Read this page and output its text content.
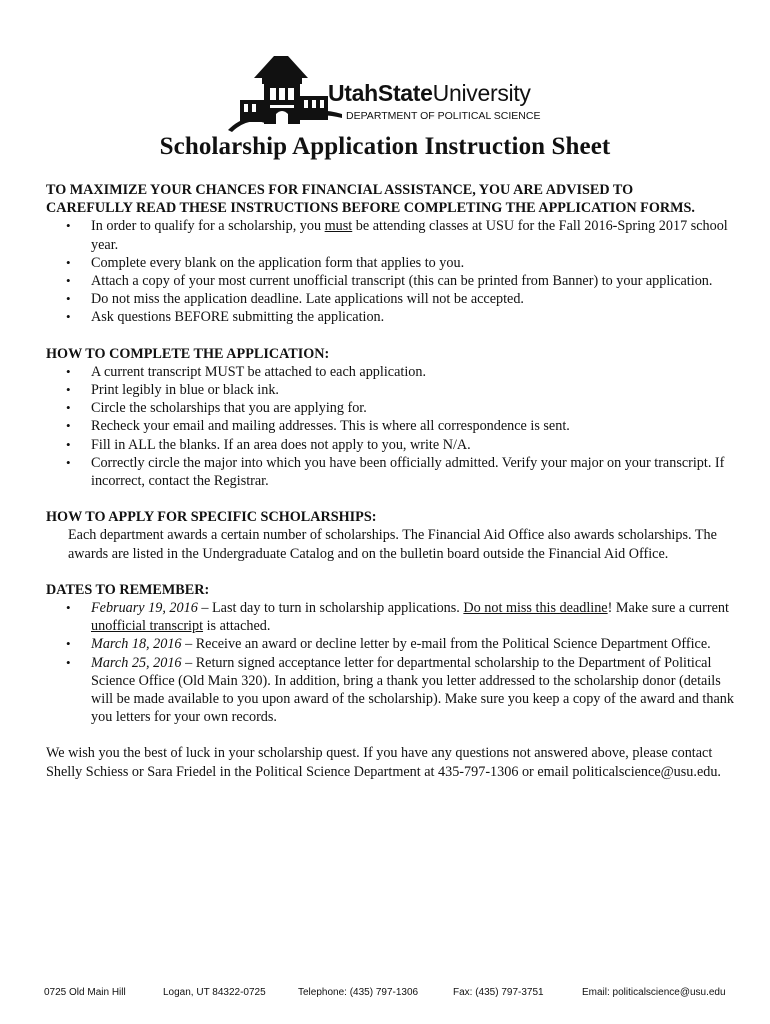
UtahStateUniversity
DEPARTMENT OF POLITICAL SCIENCE
Scholarship Application Instruction Sheet

TO MAXIMIZE YOUR CHANCES FOR FINANCIAL ASSISTANCE, YOU ARE ADVISED TO
CAREFULLY READ THESE INSTRUCTIONS BEFORE COMPLETING THE APPLICATION FORMS.

• In order to qualify for a scholarship, you must be attending classes at USU for the Fall 2016-Spring 2017 school year.
• Complete every blank on the application form that applies to you.
• Attach a copy of your most current unofficial transcript (this can be printed from Banner) to your application.
• Do not miss the application deadline. Late applications will not be accepted.
• Ask questions BEFORE submitting the application.
HOW TO COMPLETE THE APPLICATION:
• A current transcript MUST be attached to each application.
• Print legibly in blue or black ink.
• Circle the scholarships that you are applying for.
• Recheck your email and mailing addresses. This is where all correspondence is sent.
• Fill in ALL the blanks. If an area does not apply to you, write N/A.
• Correctly circle the major into which you have been officially admitted. Verify your major on your transcript. If incorrect, contact the Registrar.
HOW TO APPLY FOR SPECIFIC SCHOLARSHIPS:

Each department awards a certain number of scholarships. The Financial Aid Office also awards scholarships. The awards are listed in the Undergraduate Catalog and on the bulletin board outside the Financial Aid Office.

DATES TO REMEMBER:
• February 19, 2016 – Last day to turn in scholarship applications. Do not miss this deadline! Make sure a current unofficial transcript is attached.
• March 18, 2016 – Receive an award or decline letter by e-mail from the Political Science Department Office.
• March 25, 2016 – Return signed acceptance letter for departmental scholarship to the Department of Political Science Office (Old Main 320). In addition, bring a thank you letter addressed to the scholarship donor (details will be made available to you upon award of the scholarship). Make sure you keep a copy of the award and thank you letters for your own records.

We wish you the best of luck in your scholarship quest. If you have any questions not answered above, please contact Shelly Schiess or Sara Friedel in the Political Science Department at 435-797-1306 or email politicalscience@usu.edu.

0725 Old Main Hill	Logan, UT 84322-0725	Telephone: (435) 797-1306	Fax: (435) 797-3751	Email: politicalscience@usu.edu
